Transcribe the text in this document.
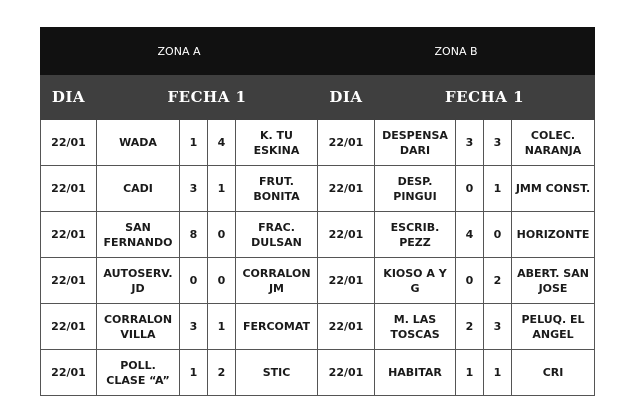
ZONA A					ZONA B				
DIA	FECHA 1				DIA	FECHA 1			
22/01	WADA	1	4	K. TU ESKINA	22/01	DESPENSA DARI	3	3	COLEC. NARANJA
22/01	CADI	3	1	FRUT. BONITA	22/01	DESP. PINGUI	0	1	JMM CONST.
22/01	SAN FERNANDO	8	0	FRAC. DULSAN	22/01	ESCRIB. PEZZ	4	0	HORIZONTE
22/01	AUTOSERV. JD	0	0	CORRALON JM	22/01	KIOSO A Y G	0	2	ABERT. SAN JOSE
22/01	CORRALON VILLA	3	1	FERCOMAT	22/01	M. LAS TOSCAS	2	3	PELUQ. EL ANGEL
22/01	POLL. CLASE “A”	1	2	STIC	22/01	HABITAR	1	1	CRI
